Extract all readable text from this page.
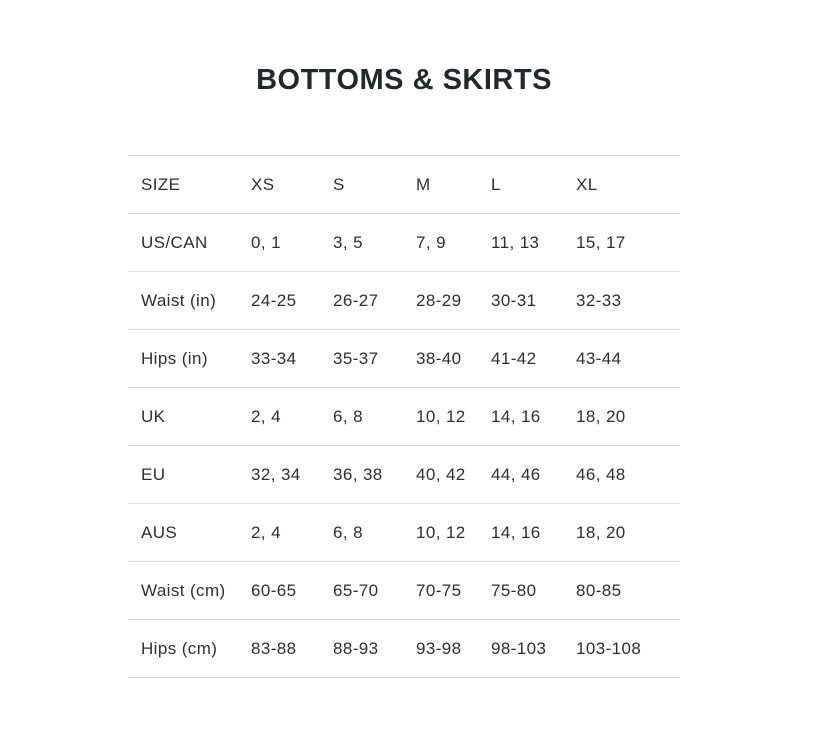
BOTTOMS & SKIRTS
SIZE	XS	S	M	L	XL
US/CAN	0, 1	3, 5	7, 9	11, 13	15, 17
Waist (in)	24-25	26-27	28-29	30-31	32-33
Hips (in)	33-34	35-37	38-40	41-42	43-44
UK	2, 4	6, 8	10, 12	14, 16	18, 20
EU	32, 34	36, 38	40, 42	44, 46	46, 48
AUS	2, 4	6, 8	10, 12	14, 16	18, 20
Waist (cm)	60-65	65-70	70-75	75-80	80-85
Hips (cm)	83-88	88-93	93-98	98-103	103-108
